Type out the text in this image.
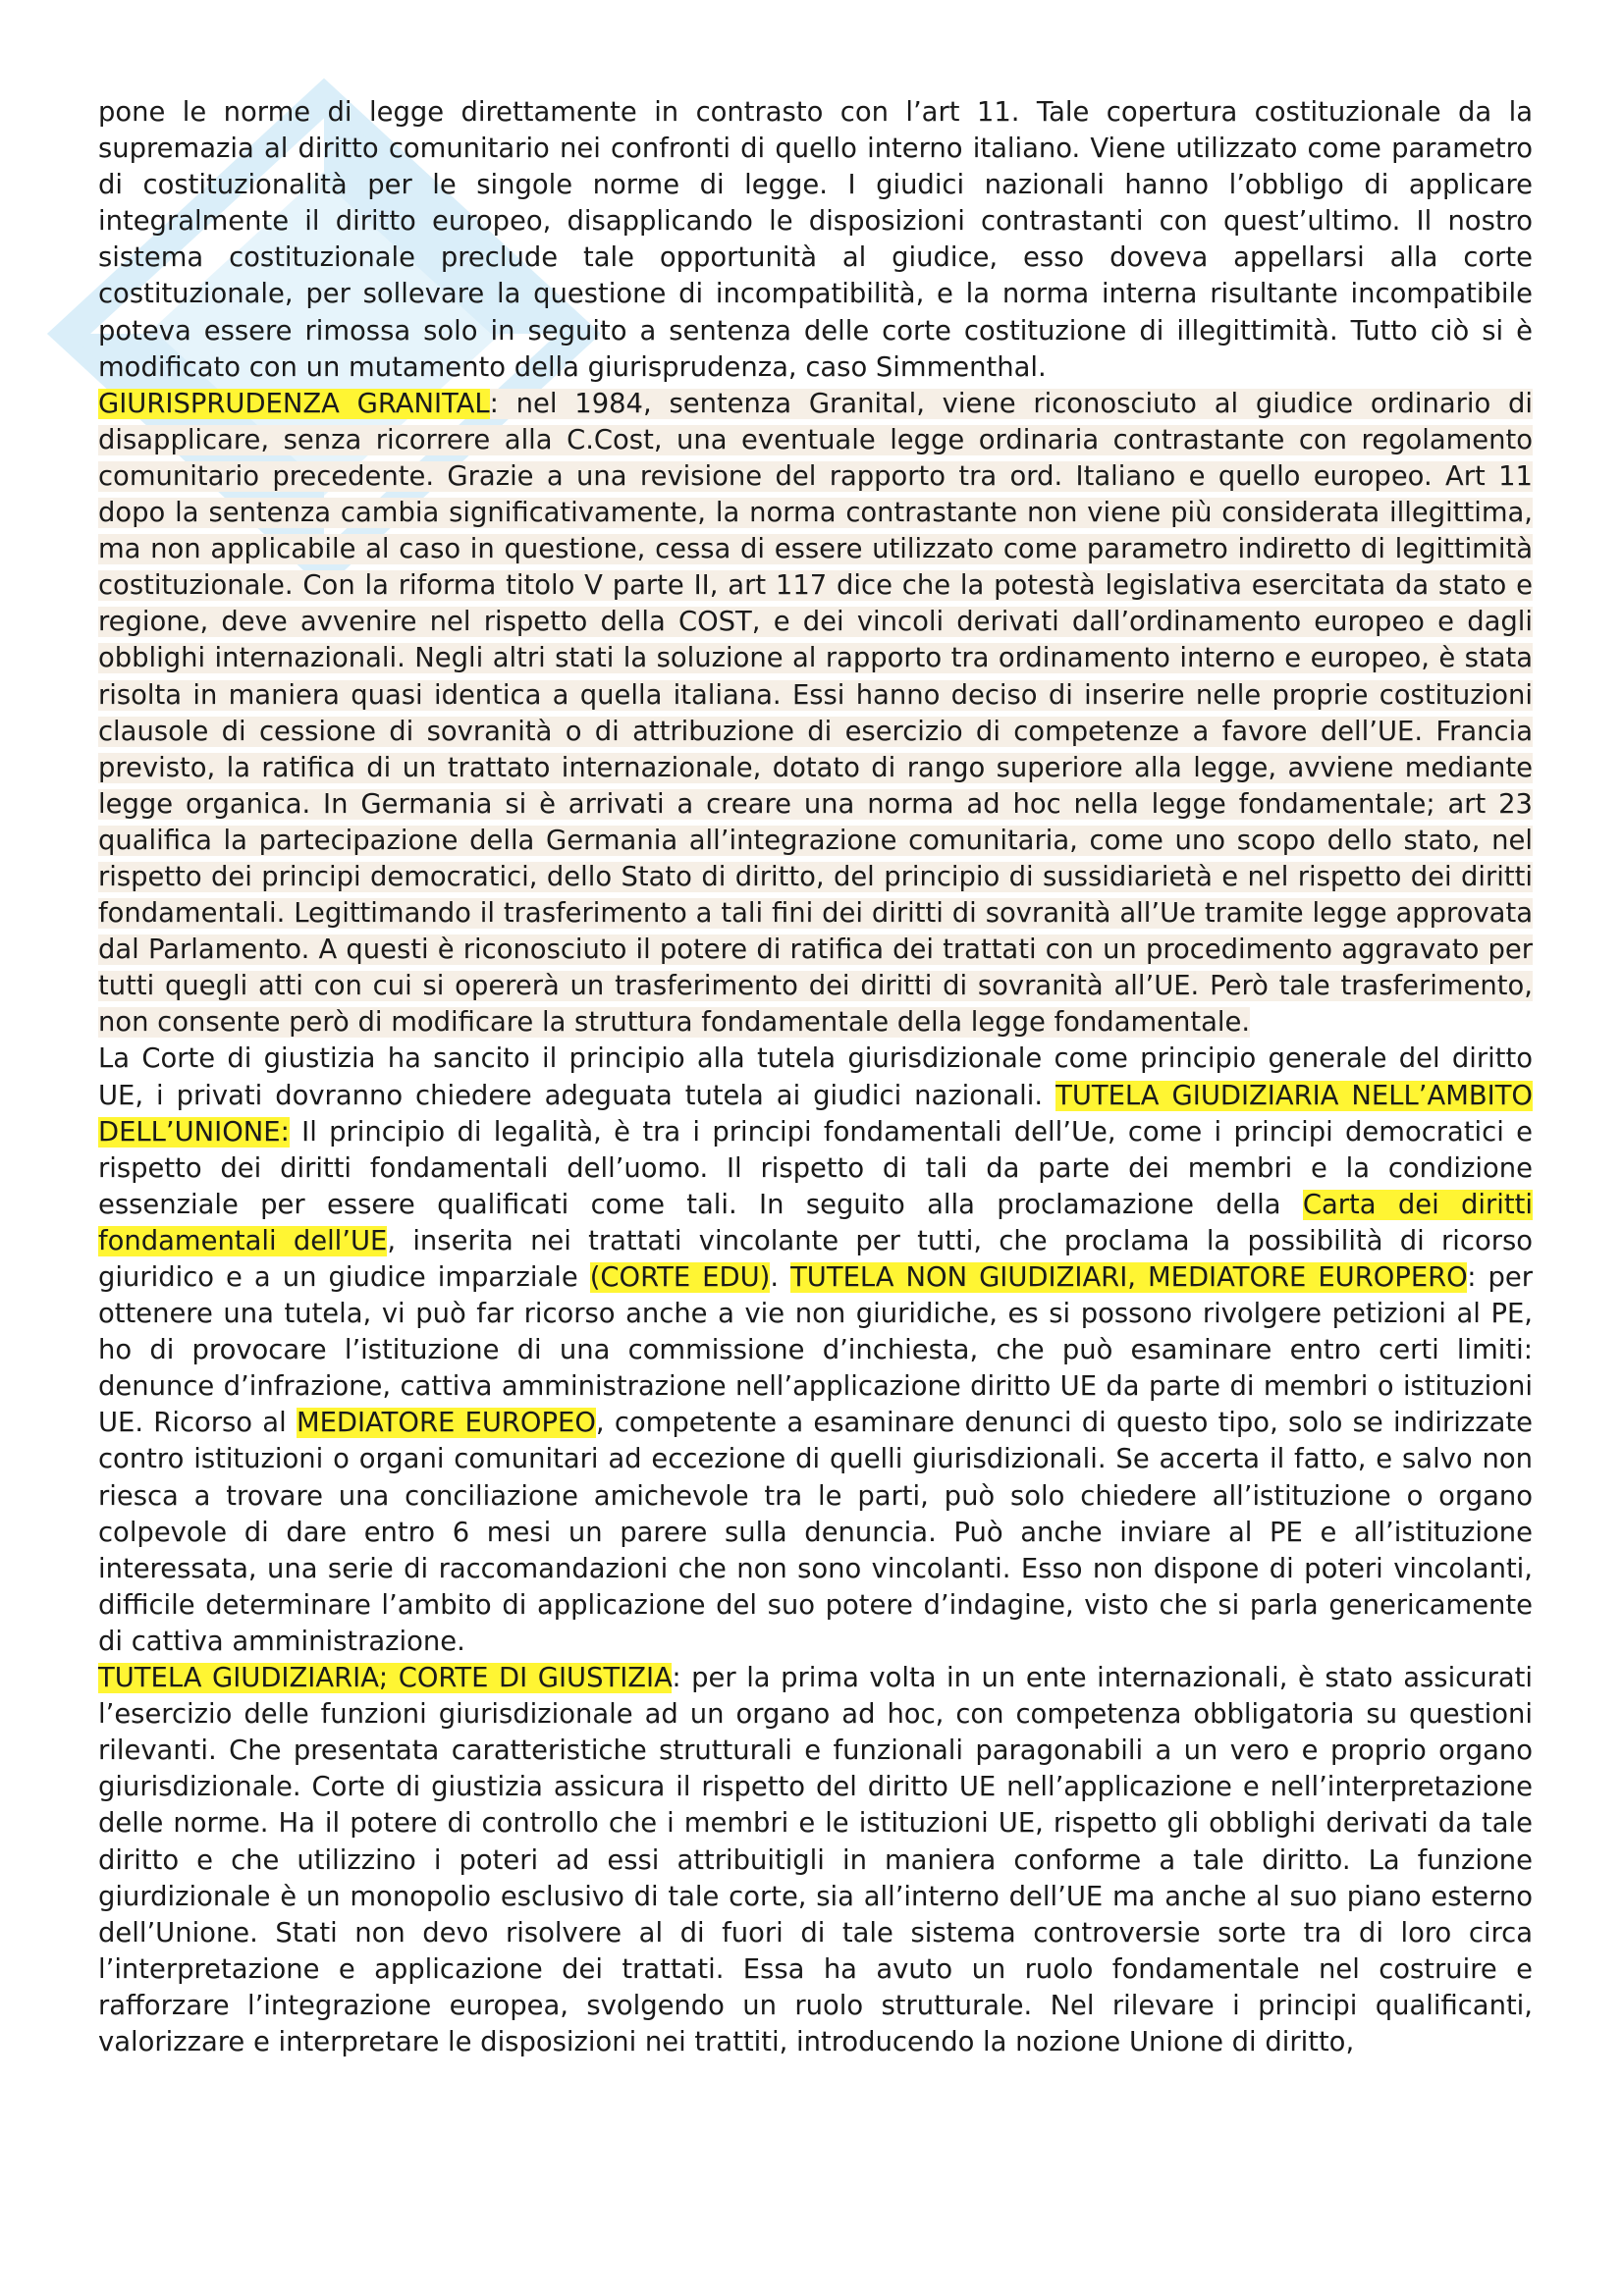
pone le norme di legge direttamente in contrasto con l’art 11. Tale copertura costituzionale da la supremazia al diritto comunitario nei confronti di quello interno italiano. Viene utilizzato come parametro di costituzionalità per le singole norme di legge. I giudici nazionali hanno l’obbligo di applicare integralmente il diritto europeo, disapplicando le disposizioni contrastanti con quest’ultimo. Il nostro sistema costituzionale preclude tale opportunità al giudice, esso doveva appellarsi alla corte costituzionale, per sollevare la questione di incompatibilità, e la norma interna risultante incompatibile poteva essere rimossa solo in seguito a sentenza delle corte costituzione di illegittimità. Tutto ciò si è modificato con un mutamento della giurisprudenza, caso Simmenthal.

GIURISPRUDENZA GRANITAL: nel 1984, sentenza Granital, viene riconosciuto al giudice ordinario di disapplicare, senza ricorrere alla C.Cost, una eventuale legge ordinaria contrastante con regolamento comunitario precedente. Grazie a una revisione del rapporto tra ord. Italiano e quello europeo. Art 11 dopo la sentenza cambia significativamente, la norma contrastante non viene più considerata illegittima, ma non applicabile al caso in questione, cessa di essere utilizzato come parametro indiretto di legittimità costituzionale. Con la riforma titolo V parte II, art 117 dice che la potestà legislativa esercitata da stato e regione, deve avvenire nel rispetto della COST, e dei vincoli derivati dall’ordinamento europeo e dagli obblighi internazionali. Negli altri stati la soluzione al rapporto tra ordinamento interno e europeo, è stata risolta in maniera quasi identica a quella italiana. Essi hanno deciso di inserire nelle proprie costituzioni clausole di cessione di sovranità o di attribuzione di esercizio di competenze a favore dell’UE. Francia previsto, la ratifica di un trattato internazionale, dotato di rango superiore alla legge, avviene mediante legge organica. In Germania si è arrivati a creare una norma ad hoc nella legge fondamentale; art 23 qualifica la partecipazione della Germania all’integrazione comunitaria, come uno scopo dello stato, nel rispetto dei principi democratici, dello Stato di diritto, del principio di sussidiarietà e nel rispetto dei diritti fondamentali. Legittimando il trasferimento a tali fini dei diritti di sovranità all’Ue tramite legge approvata dal Parlamento. A questi è riconosciuto il potere di ratifica dei trattati con un procedimento aggravato per tutti quegli atti con cui si opererà un trasferimento dei diritti di sovranità all’UE. Però tale trasferimento, non consente però di modificare la struttura fondamentale della legge fondamentale.

La Corte di giustizia ha sancito il principio alla tutela giurisdizionale come principio generale del diritto UE, i privati dovranno chiedere adeguata tutela ai giudici nazionali. TUTELA GIUDIZIARIA NELL’AMBITO DELL’UNIONE: Il principio di legalità, è tra i principi fondamentali dell’Ue, come i principi democratici e rispetto dei diritti fondamentali dell’uomo. Il rispetto di tali da parte dei membri e la condizione essenziale per essere qualificati come tali. In seguito alla proclamazione della Carta dei diritti fondamentali dell’UE, inserita nei trattati vincolante per tutti, che proclama la possibilità di ricorso giuridico e a un giudice imparziale (CORTE EDU). TUTELA NON GIUDIZIARI, MEDIATORE EUROPERO: per ottenere una tutela, vi può far ricorso anche a vie non giuridiche, es si possono rivolgere petizioni al PE, ho di provocare l’istituzione di una commissione d’inchiesta, che può esaminare entro certi limiti: denunce d’infrazione, cattiva amministrazione nell’applicazione diritto UE da parte di membri o istituzioni UE. Ricorso al MEDIATORE EUROPEO, competente a esaminare denunci di questo tipo, solo se indirizzate contro istituzioni o organi comunitari ad eccezione di quelli giurisdizionali. Se accerta il fatto, e salvo non riesca a trovare una conciliazione amichevole tra le parti, può solo chiedere all’istituzione o organo colpevole di dare entro 6 mesi un parere sulla denuncia. Può anche inviare al PE e all’istituzione interessata, una serie di raccomandazioni che non sono vincolanti. Esso non dispone di poteri vincolanti, difficile determinare l’ambito di applicazione del suo potere d’indagine, visto che si parla genericamente di cattiva amministrazione.

TUTELA GIUDIZIARIA; CORTE DI GIUSTIZIA: per la prima volta in un ente internazionali, è stato assicurati l’esercizio delle funzioni giurisdizionale ad un organo ad hoc, con competenza obbligatoria su questioni rilevanti. Che presentata caratteristiche strutturali e funzionali paragonabili a un vero e proprio organo giurisdizionale. Corte di giustizia assicura il rispetto del diritto UE nell’applicazione e nell’interpretazione delle norme. Ha il potere di controllo che i membri e le istituzioni UE, rispetto gli obblighi derivati da tale diritto e che utilizzino i poteri ad essi attribuitigli in maniera conforme a tale diritto. La funzione giurdizionale è un monopolio esclusivo di tale corte, sia all’interno dell’UE ma anche al suo piano esterno dell’Unione. Stati non devo risolvere al di fuori di tale sistema controversie sorte tra di loro circa l’interpretazione e applicazione dei trattati. Essa ha avuto un ruolo fondamentale nel costruire e rafforzare l’integrazione europea, svolgendo un ruolo strutturale. Nel rilevare i principi qualificanti, valorizzare e interpretare le disposizioni nei trattiti, introducendo la nozione Unione di diritto,
